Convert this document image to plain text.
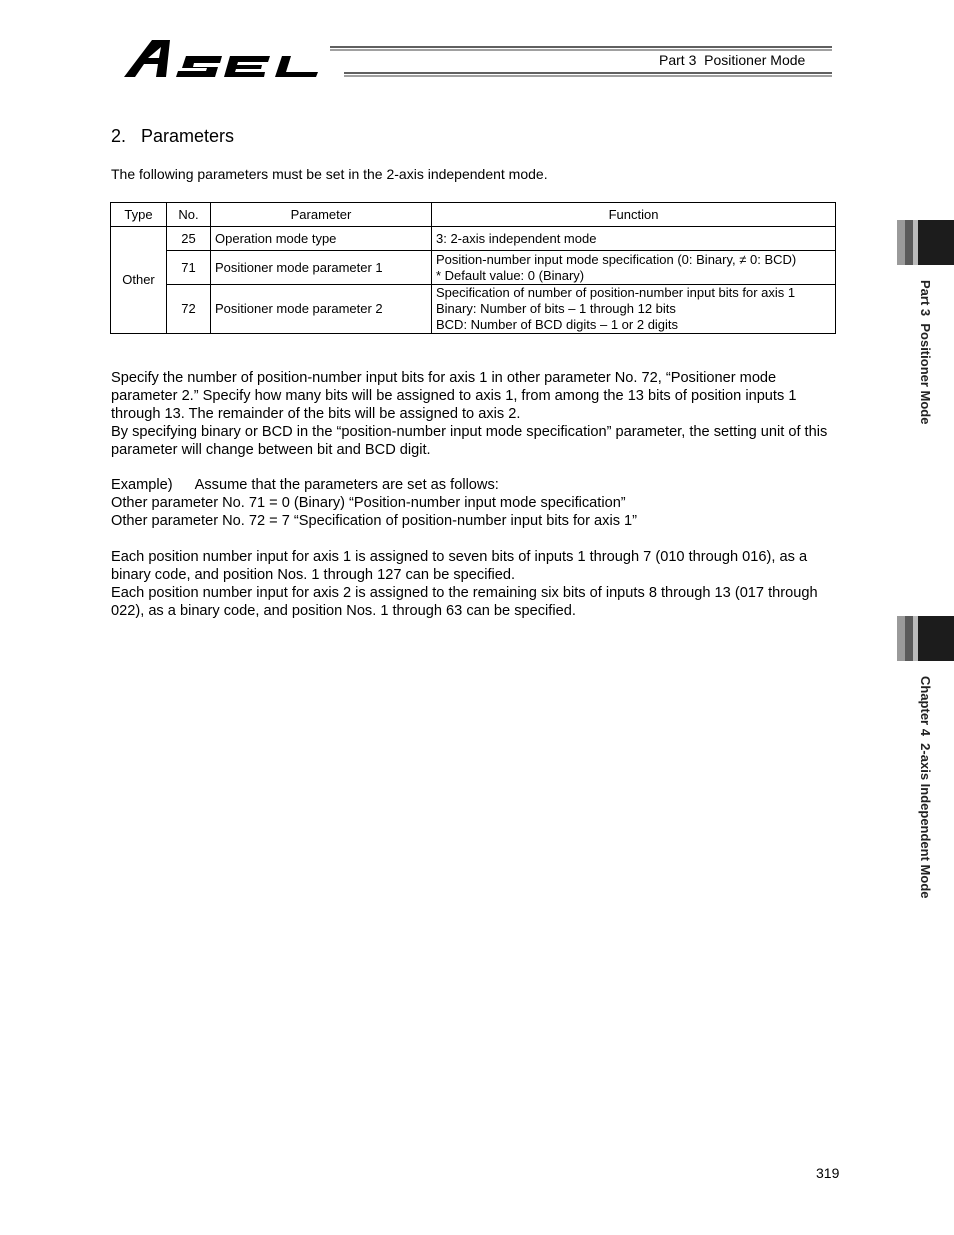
Part 3  Positioner Mode
2.   Parameters
The following parameters must be set in the 2-axis independent mode.
Type	No.	Parameter	Function
Other	25	Operation mode type	3: 2-axis independent mode

	71	Positioner mode parameter 1	Position-number input mode specification (0: Binary, ≠ 0: BCD)
* Default value: 0 (Binary)

	72	Positioner mode parameter 2	Specification of number of position-number input bits for axis 1
Binary: Number of bits – 1 through 12 bits
BCD: Number of BCD digits – 1 or 2 digits

Specify the number of position-number input bits for axis 1 in other parameter No. 72, “Positioner mode parameter 2.” Specify how many bits will be assigned to axis 1, from among the 13 bits of position inputs 1 through 13. The remainder of the bits will be assigned to axis 2.

By specifying binary or BCD in the “position-number input mode specification” parameter, the setting unit of this parameter will change between bit and BCD digit.

Example) Assume that the parameters are set as follows:

Other parameter No. 71 = 0 (Binary) “Position-number input mode specification”

Other parameter No. 72 = 7 “Specification of position-number input bits for axis 1”

Each position number input for axis 1 is assigned to seven bits of inputs 1 through 7 (010 through 016), as a binary code, and position Nos. 1 through 127 can be specified.

Each position number input for axis 2 is assigned to the remaining six bits of inputs 8 through 13 (017 through 022), as a binary code, and position Nos. 1 through 63 can be specified.

Part 3  Positioner Mode
Chapter 4  2-axis Independent Mode
319
